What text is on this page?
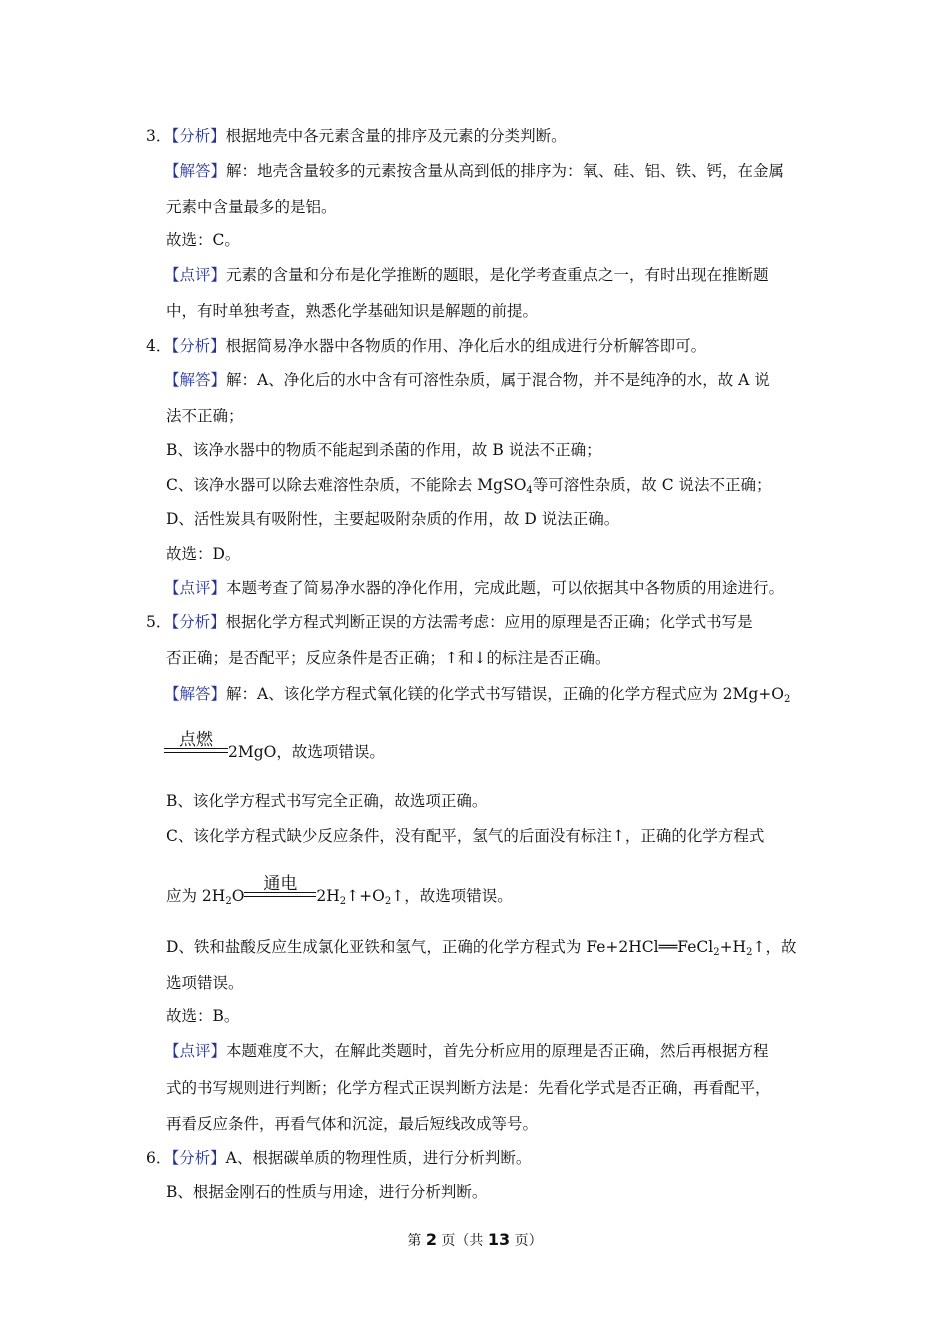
3．【分析】根据地壳中各元素含量的排序及元素的分类判断。
【解答】解：地壳含量较多的元素按含量从高到低的排序为：氧、硅、铝、铁、钙，在金属
元素中含量最多的是铝。
故选：C。
【点评】元素的含量和分布是化学推断的题眼，是化学考查重点之一，有时出现在推断题
中，有时单独考查，熟悉化学基础知识是解题的前提。
4．【分析】根据简易净水器中各物质的作用、净化后水的组成进行分析解答即可。
【解答】解：A、净化后的水中含有可溶性杂质，属于混合物，并不是纯净的水，故 A 说
法不正确；
B、该净水器中的物质不能起到杀菌的作用，故 B 说法不正确；
C、该净水器可以除去难溶性杂质，不能除去 MgSO$_4$等可溶性杂质，故 C 说法不正确；
D、活性炭具有吸附性，主要起吸附杂质的作用，故 D 说法正确。
故选：D。
【点评】本题考查了简易净水器的净化作用，完成此题，可以依据其中各物质的用途进行。
5．【分析】根据化学方程式判断正误的方法需考虑：应用的原理是否正确；化学式书写是
否正确；是否配平；反应条件是否正确；↑和↓的标注是否正确。
【解答】解：A、该化学方程式氧化镁的化学式书写错误，正确的化学方程式应为 $2Mg+O_2$
点燃
2MgO，故选项错误。
B、该化学方程式书写完全正确，故选项正确。
C、该化学方程式缺少反应条件，没有配平，氢气的后面没有标注↑，正确的化学方程式
应为 $2H_2O$
通电
$2H_2↑+O_2↑$，故选项错误。
D、铁和盐酸反应生成氯化亚铁和氢气，正确的化学方程式为 $Fe+2HCl══FeCl_2+H_2↑$，故
选项错误。
故选：B。
【点评】本题难度不大，在解此类题时，首先分析应用的原理是否正确，然后再根据方程
式的书写规则进行判断；化学方程式正误判断方法是：先看化学式是否正确，再看配平，
再看反应条件，再看气体和沉淀，最后短线改成等号。
6．【分析】A、根据碳单质的物理性质，进行分析判断。
B、根据金刚石的性质与用途，进行分析判断。
第 2 页（共 13 页）
